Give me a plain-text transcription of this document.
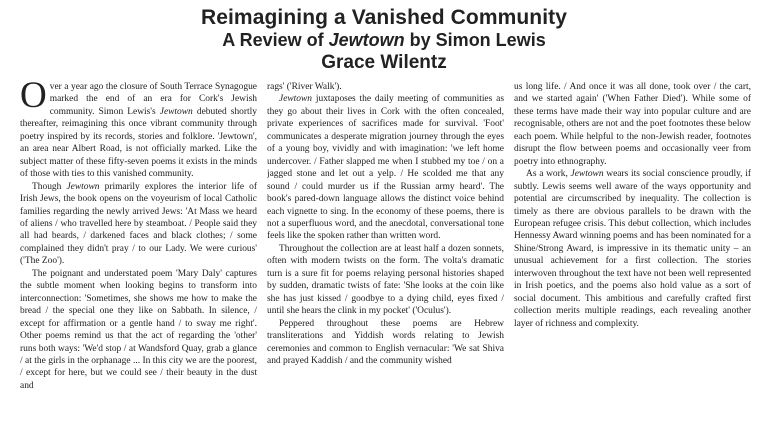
Reimagining a Vanished Community
A Review of Jewtown by Simon Lewis
Grace Wilentz

Over a year ago the closure of South Terrace Synagogue marked the end of an era for Cork's Jewish community. Simon Lewis's Jewtown debuted shortly thereafter, reimagining this once vibrant community through poetry inspired by its records, stories and folklore. 'Jewtown', an area near Albert Road, is not officially marked. Like the subject matter of these fifty-seven poems it exists in the minds of those with ties to this vanished community.

Though Jewtown primarily explores the interior life of Irish Jews, the book opens on the voyeurism of local Catholic families regarding the newly arrived Jews: 'At Mass we heard of aliens / who travelled here by steamboat. / People said they all had beards, / darkened faces and black clothes; / some complained they didn't pray / to our Lady. We were curious' ('The Zoo').

The poignant and understated poem 'Mary Daly' captures the subtle moment when looking begins to transform into interconnection: 'Sometimes, she shows me how to make the bread / the special one they like on Sabbath. In silence, / except for affirmation or a gentle hand / to sway me right'. Other poems remind us that the act of regarding the 'other' runs both ways: 'We'd stop / at Wandsford Quay, grab a glance / at the girls in the orphanage ... In this city we are the poorest, / except for here, but we could see / their beauty in the dust and

rags' ('River Walk').

Jewtown juxtaposes the daily meeting of communities as they go about their lives in Cork with the often concealed, private experiences of sacrifices made for survival. 'Foot' communicates a desperate migration journey through the eyes of a young boy, vividly and with imagination: 'we left home undercover. / Father slapped me when I stubbed my toe / on a jagged stone and let out a yelp. / He scolded me that any sound / could murder us if the Russian army heard'. The book's pared-down language allows the distinct voice behind each vignette to sing. In the economy of these poems, there is not a superfluous word, and the anecdotal, conversational tone feels like the spoken rather than written word.

Throughout the collection are at least half a dozen sonnets, often with modern twists on the form. The volta's dramatic turn is a sure fit for poems relaying personal histories shaped by sudden, dramatic twists of fate: 'She looks at the coin like she has just kissed / goodbye to a dying child, eyes fixed / until she hears the clink in my pocket' ('Oculus').

Peppered throughout these poems are Hebrew transliterations and Yiddish words relating to Jewish ceremonies and common to English vernacular: 'We sat Shiva and prayed Kaddish / and the community wished

us long life. / And once it was all done, took over / the cart, and we started again' ('When Father Died'). While some of these terms have made their way into popular culture and are recognisable, others are not and the poet footnotes these below each poem. While helpful to the non-Jewish reader, footnotes disrupt the flow between poems and occasionally veer from poetry into ethnography.

As a work, Jewtown wears its social conscience proudly, if subtly. Lewis seems well aware of the ways opportunity and potential are circumscribed by inequality. The collection is timely as there are obvious parallels to be drawn with the European refugee crisis. This debut collection, which includes Hennessy Award winning poems and has been nominated for a Shine/Strong Award, is impressive in its thematic unity – an unusual achievement for a first collection. The stories interwoven throughout the text have not been well represented in Irish poetics, and the poems also hold value as a sort of social document. This ambitious and carefully crafted first collection merits multiple readings, each revealing another layer of richness and complexity.
